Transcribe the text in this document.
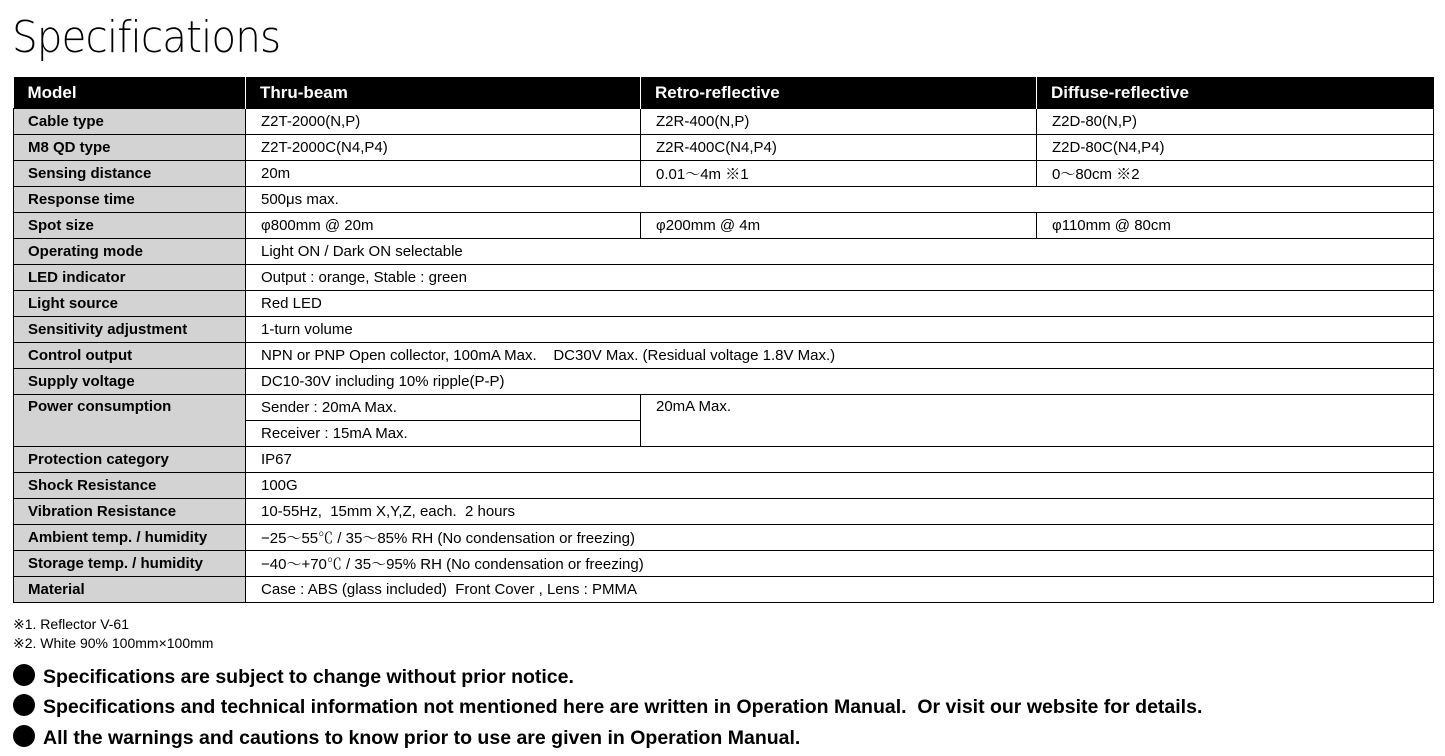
Specifications
Model	Thru-beam	Retro-reflective	Diffuse-reflective
Cable type	Z2T-2000(N,P)	Z2R-400(N,P)	Z2D-80(N,P)
M8 QD type	Z2T-2000C(N4,P4)	Z2R-400C(N4,P4)	Z2D-80C(N4,P4)
Sensing distance	20m	0.01～4m ※1	0～80cm ※2
Response time	500μs max.		
Spot size	φ800mm @ 20m	φ200mm @ 4m	φ110mm @ 80cm
Operating mode	Light ON / Dark ON selectable		
LED indicator	Output : orange, Stable : green		
Light source	Red LED		
Sensitivity adjustment	1-turn volume		
Control output	NPN or PNP Open collector, 100mA Max.    DC30V Max. (Residual voltage 1.8V Max.)		
Supply voltage	DC10-30V including 10% ripple(P-P)		
Power consumption	Sender : 20mA Max.	20mA Max.	
	Receiver : 15mA Max.		
Protection category	IP67		
Shock Resistance	100G		
Vibration Resistance	10-55Hz,  15mm X,Y,Z, each.  2 hours		
Ambient temp. / humidity	−25～55℃ / 35～85% RH (No condensation or freezing)		
Storage temp. / humidity	−40～+70℃ / 35～95% RH (No condensation or freezing)		
Material	Case : ABS (glass included)  Front Cover , Lens : PMMA		
※1. Reflector V-61
※2. White 90% 100mm×100mm
Specifications are subject to change without prior notice.
Specifications and technical information not mentioned here are written in Operation Manual.  Or visit our website for details.
All the warnings and cautions to know prior to use are given in Operation Manual.
